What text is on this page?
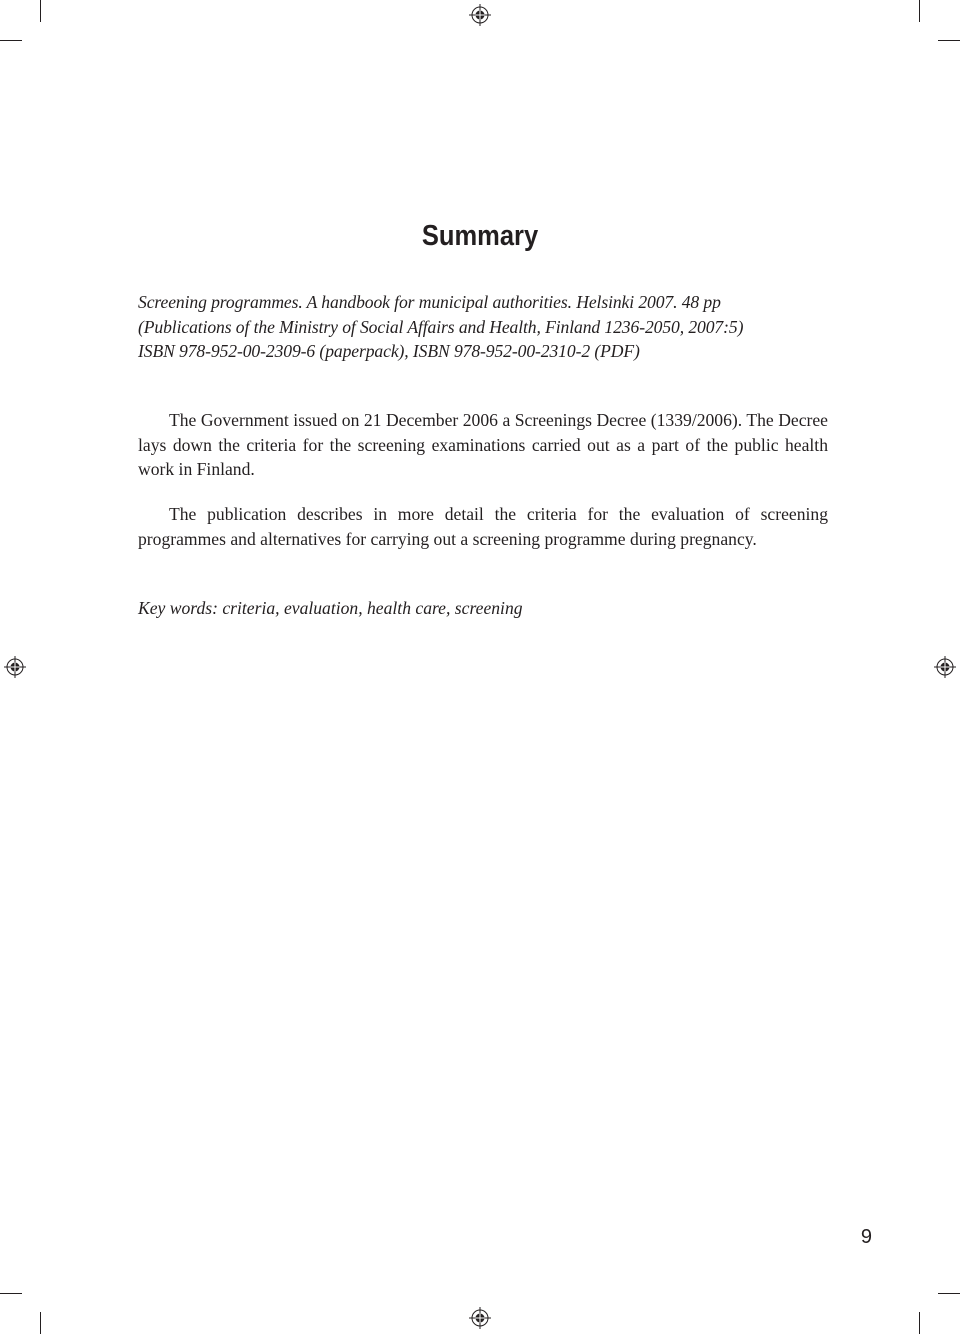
Summary
Screening programmes. A handbook for municipal authorities. Helsinki 2007. 48 pp
(Publications of the Ministry of Social Affairs and Health, Finland 1236-2050, 2007:5)
ISBN 978-952-00-2309-6 (paperpack), ISBN 978-952-00-2310-2 (PDF)

The Government issued on 21 December 2006 a Screenings Decree (1339/2006). The Decree lays down the criteria for the screening examinations carried out as a part of the public health work in Finland.

The publication describes in more detail the criteria for the evaluation of screening programmes and alternatives for carrying out a screening programme during pregnancy.

Key words: criteria, evaluation, health care, screening
9
